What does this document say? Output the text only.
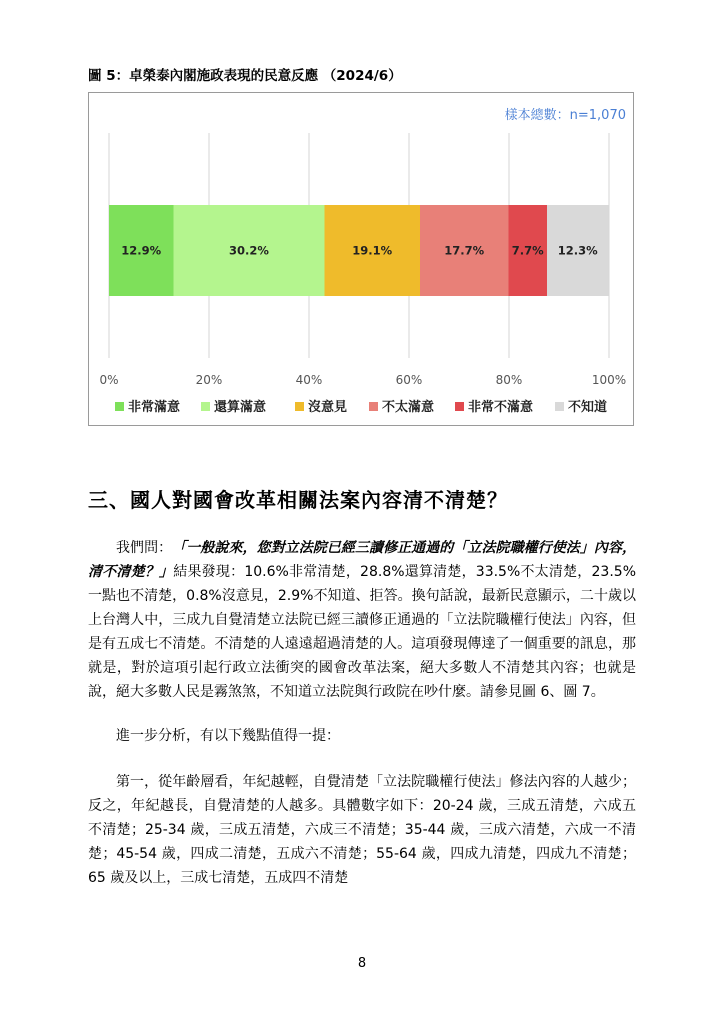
圖 5：卓榮泰內閣施政表現的民意反應 （2024/6）
樣本總數：n=1,070
0%	20%	40%	60%	80%	100%
12.9%	30.2%	19.1%	17.7% 7.7% 12.3%
非常滿意	還算滿意	沒意見	不太滿意	非常不滿意	不知道
三、國人對國會改革相關法案內容清不清楚？

我們問：「一般說來，您對立法院已經三讀修正通過的「立法院職權行使法」內容，清不清楚？」結果發現：10.6%非常清楚，28.8%還算清楚，33.5%不太清楚，23.5%一點也不清楚，0.8%沒意見，2.9%不知道、拒答。換句話說，最新民意顯示，二十歲以上台灣人中，三成九自覺清楚立法院已經三讀修正通過的「立法院職權行使法」內容，但是有五成七不清楚。不清楚的人遠遠超過清楚的人。這項發現傳達了一個重要的訊息，那就是，對於這項引起行政立法衝突的國會改革法案，絕大多數人不清楚其內容；也就是說，絕大多數人民是霧煞煞，不知道立法院與行政院在吵什麼。請參見圖 6、圖 7。

進一步分析，有以下幾點值得一提：

第一，從年齡層看，年紀越輕，自覺清楚「立法院職權行使法」修法內容的人越少；反之，年紀越長，自覺清楚的人越多。具體數字如下：20-24 歲，三成五清楚，六成五不清楚；25-34 歲，三成五清楚，六成三不清楚；35-44 歲，三成六清楚，六成一不清楚；45-54 歲，四成二清楚，五成六不清楚；55-64 歲，四成九清楚，四成九不清楚；65 歲及以上，三成七清楚，五成四不清楚

8
